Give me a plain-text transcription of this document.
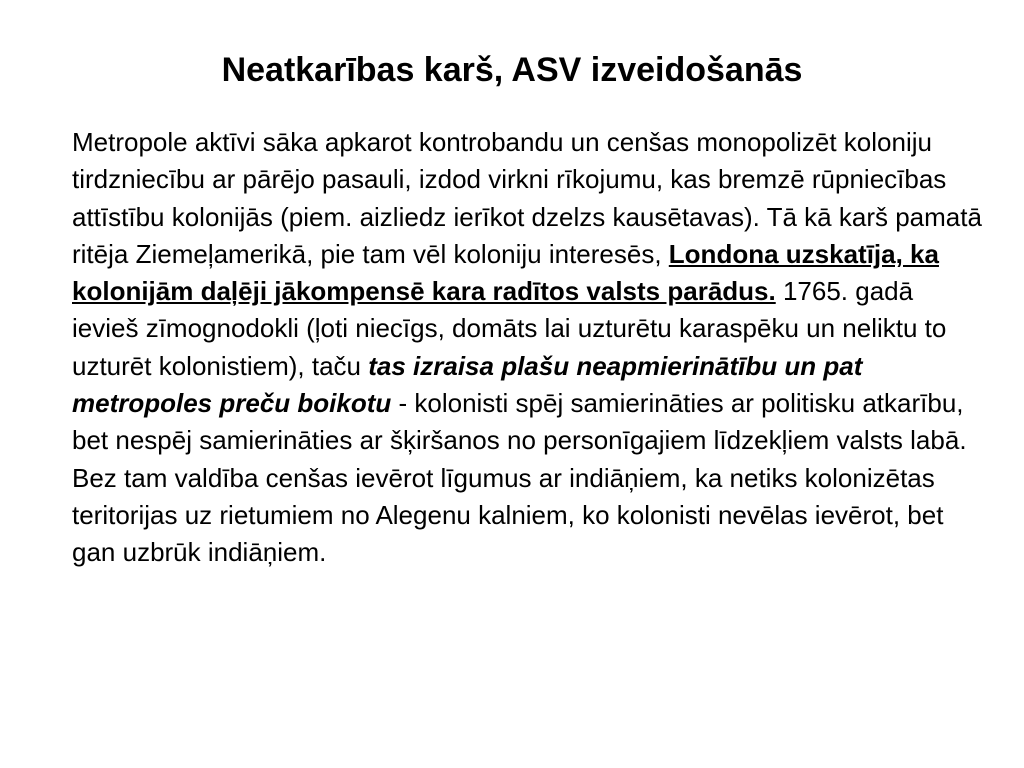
Neatkarības karš, ASV izveidošanās

Metropole aktīvi sāka apkarot kontrobandu un cenšas monopolizēt koloniju tirdzniecību ar pārējo pasauli, izdod virkni rīkojumu, kas bremzē rūpniecības attīstību kolonijās (piem. aizliedz ierīkot dzelzs kausētavas). Tā kā karš pamatā ritēja Ziemeļamerikā, pie tam vēl koloniju interesēs, Londona uzskatīja, ka kolonijām daļēji jākompensē kara radītos valsts parādus. 1765. gadā ievieš zīmognodokli (ļoti niecīgs, domāts lai uzturētu karaspēku un neliktu to uzturēt kolonistiem), taču tas izraisa plašu neapmierinātību un pat metropoles preču boikotu - kolonisti spēj samierināties ar politisku atkarību, bet nespēj samierināties ar šķiršanos no personīgajiem līdzekļiem valsts labā. Bez tam valdība cenšas ievērot līgumus ar indiāņiem, ka netiks kolonizētas teritorijas uz rietumiem no Alegenu kalniem, ko kolonisti nevēlas ievērot, bet gan uzbrūk indiāņiem.
